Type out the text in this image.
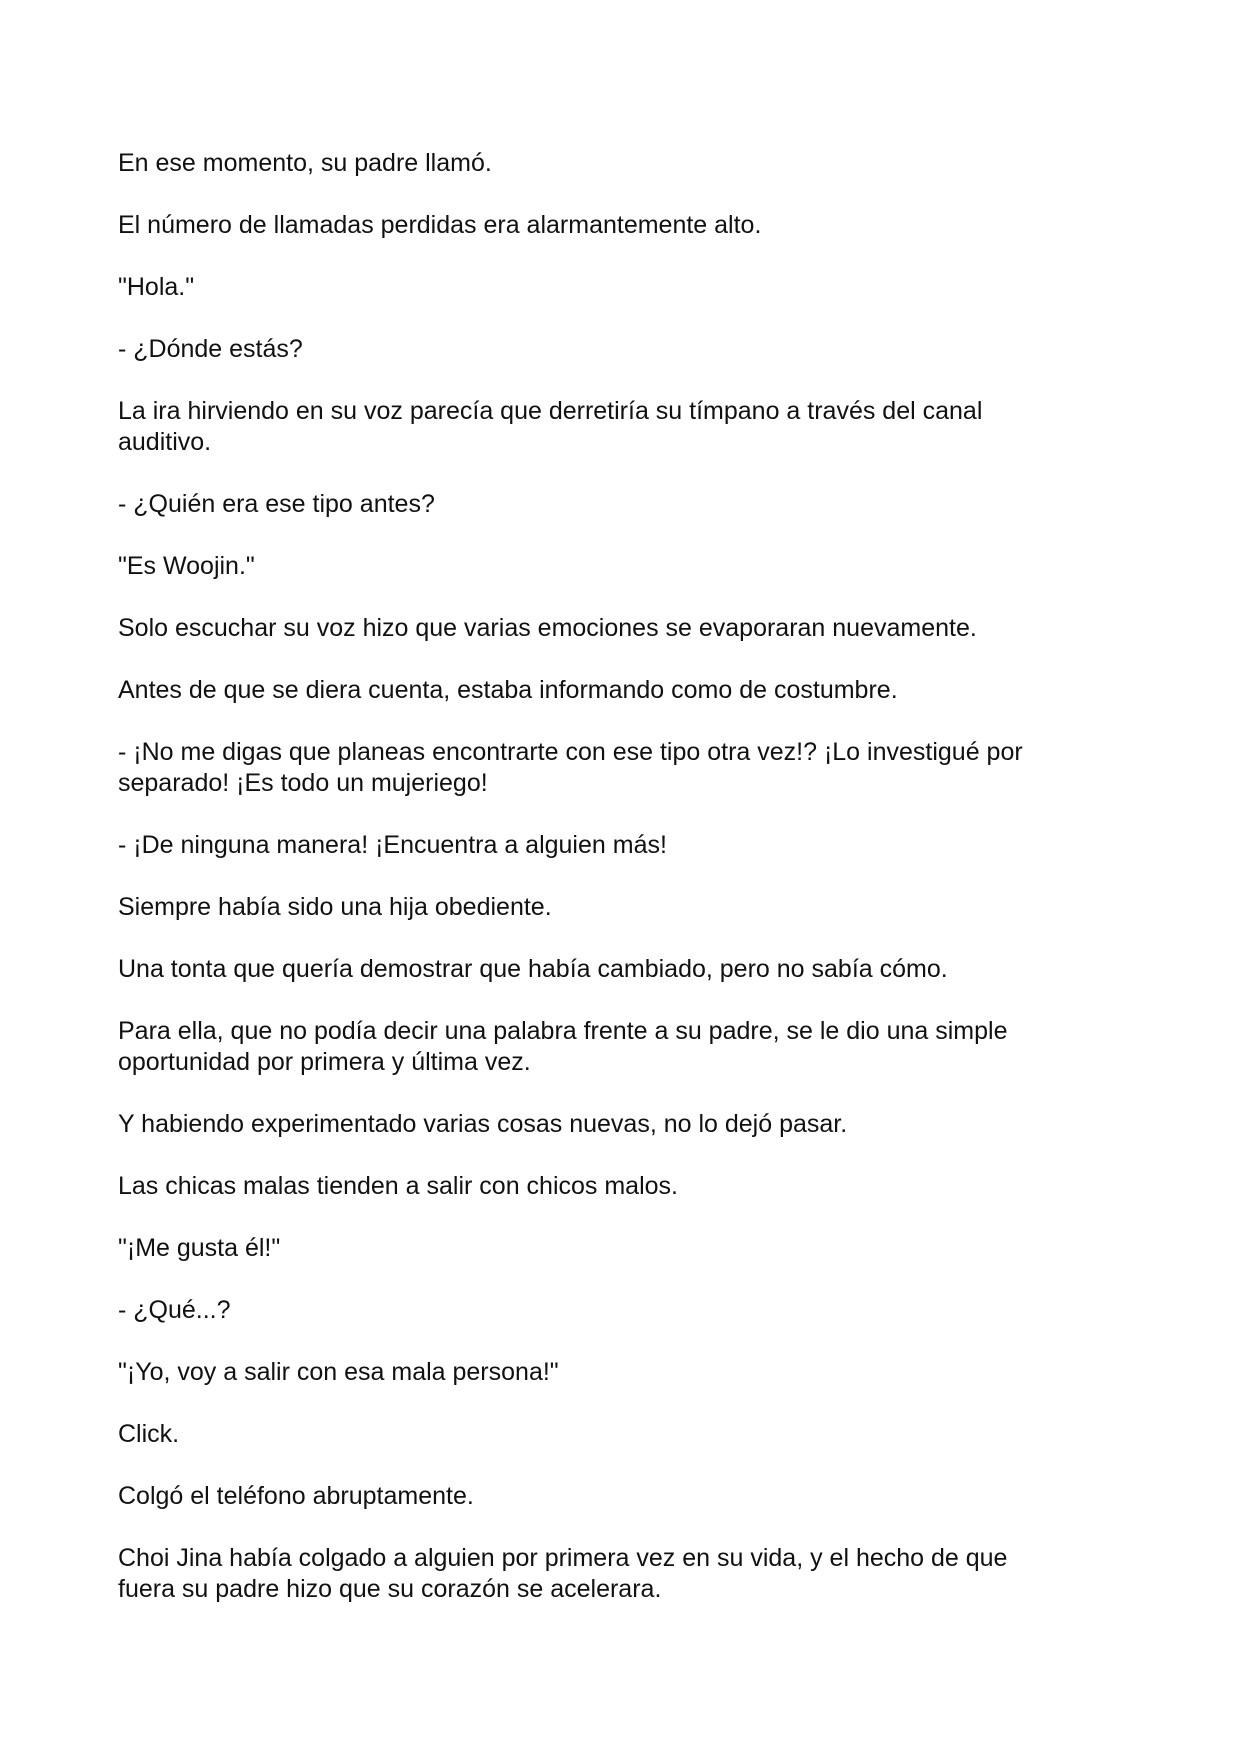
En ese momento, su padre llamó.

El número de llamadas perdidas era alarmantemente alto.

"Hola."

- ¿Dónde estás?

La ira hirviendo en su voz parecía que derretiría su tímpano a través del canal
auditivo.

- ¿Quién era ese tipo antes?

"Es Woojin."

Solo escuchar su voz hizo que varias emociones se evaporaran nuevamente.

Antes de que se diera cuenta, estaba informando como de costumbre.

- ¡No me digas que planeas encontrarte con ese tipo otra vez!? ¡Lo investigué por
separado! ¡Es todo un mujeriego!

- ¡De ninguna manera! ¡Encuentra a alguien más!

Siempre había sido una hija obediente.

Una tonta que quería demostrar que había cambiado, pero no sabía cómo.

Para ella, que no podía decir una palabra frente a su padre, se le dio una simple
oportunidad por primera y última vez.

Y habiendo experimentado varias cosas nuevas, no lo dejó pasar.

Las chicas malas tienden a salir con chicos malos.

"¡Me gusta él!"

- ¿Qué...?

"¡Yo, voy a salir con esa mala persona!"

Click.

Colgó el teléfono abruptamente.

Choi Jina había colgado a alguien por primera vez en su vida, y el hecho de que
fuera su padre hizo que su corazón se acelerara.
